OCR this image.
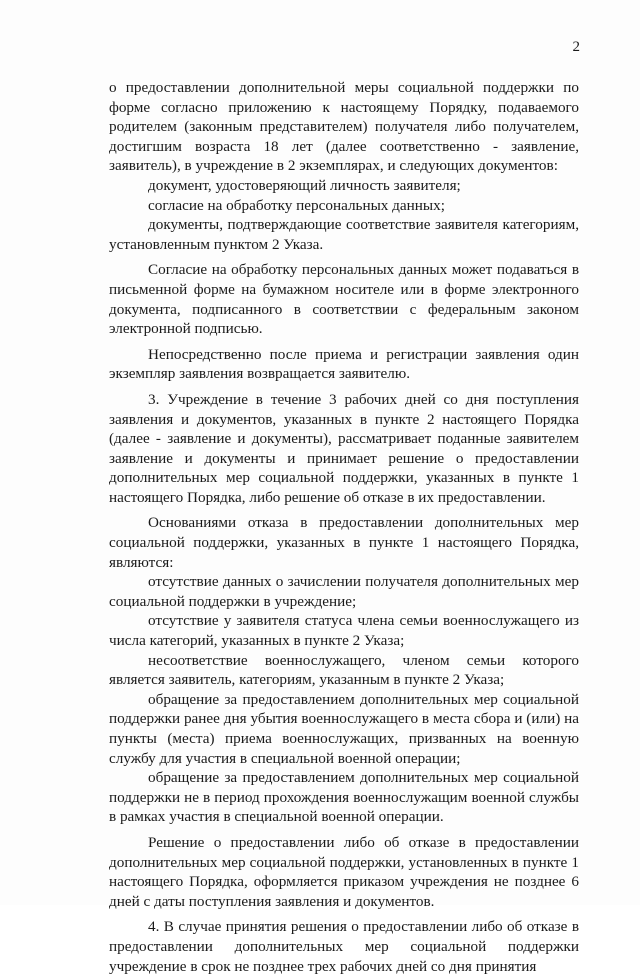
2

о предоставлении дополнительной меры социальной поддержки по форме согласно приложению к настоящему Порядку, подаваемого родителем (законным представителем) получателя либо получателем, достигшим возраста 18 лет (далее соответственно - заявление, заявитель), в учреждение в 2 экземплярах, и следующих документов:

документ, удостоверяющий личность заявителя;

согласие на обработку персональных данных;

документы, подтверждающие соответствие заявителя категориям, установленным пунктом 2 Указа.

Согласие на обработку персональных данных может подаваться в письменной форме на бумажном носителе или в форме электронного документа, подписанного в соответствии с федеральным законом электронной подписью.

Непосредственно после приема и регистрации заявления один экземпляр заявления возвращается заявителю.

3. Учреждение в течение 3 рабочих дней со дня поступления заявления и документов, указанных в пункте 2 настоящего Порядка (далее - заявление и документы), рассматривает поданные заявителем заявление и документы и принимает решение о предоставлении дополнительных мер социальной поддержки, указанных в пункте 1 настоящего Порядка, либо решение об отказе в их предоставлении.

Основаниями отказа в предоставлении дополнительных мер социальной поддержки, указанных в пункте 1 настоящего Порядка, являются:

отсутствие данных о зачислении получателя дополнительных мер социальной поддержки в учреждение;

отсутствие у заявителя статуса члена семьи военнослужащего из числа категорий, указанных в пункте 2 Указа;

несоответствие военнослужащего, членом семьи которого является заявитель, категориям, указанным в пункте 2 Указа;

обращение за предоставлением дополнительных мер социальной поддержки ранее дня убытия военнослужащего в места сбора и (или) на пункты (места) приема военнослужащих, призванных на военную службу для участия в специальной военной операции;

обращение за предоставлением дополнительных мер социальной поддержки не в период прохождения военнослужащим военной службы в рамках участия в специальной военной операции.

Решение о предоставлении либо об отказе в предоставлении дополнительных мер социальной поддержки, установленных в пункте 1 настоящего Порядка, оформляется приказом учреждения не позднее 6 дней с даты поступления заявления и документов.

4. В случае принятия решения о предоставлении либо об отказе в предоставлении дополнительных мер социальной поддержки учреждение в срок не позднее трех рабочих дней со дня принятия
